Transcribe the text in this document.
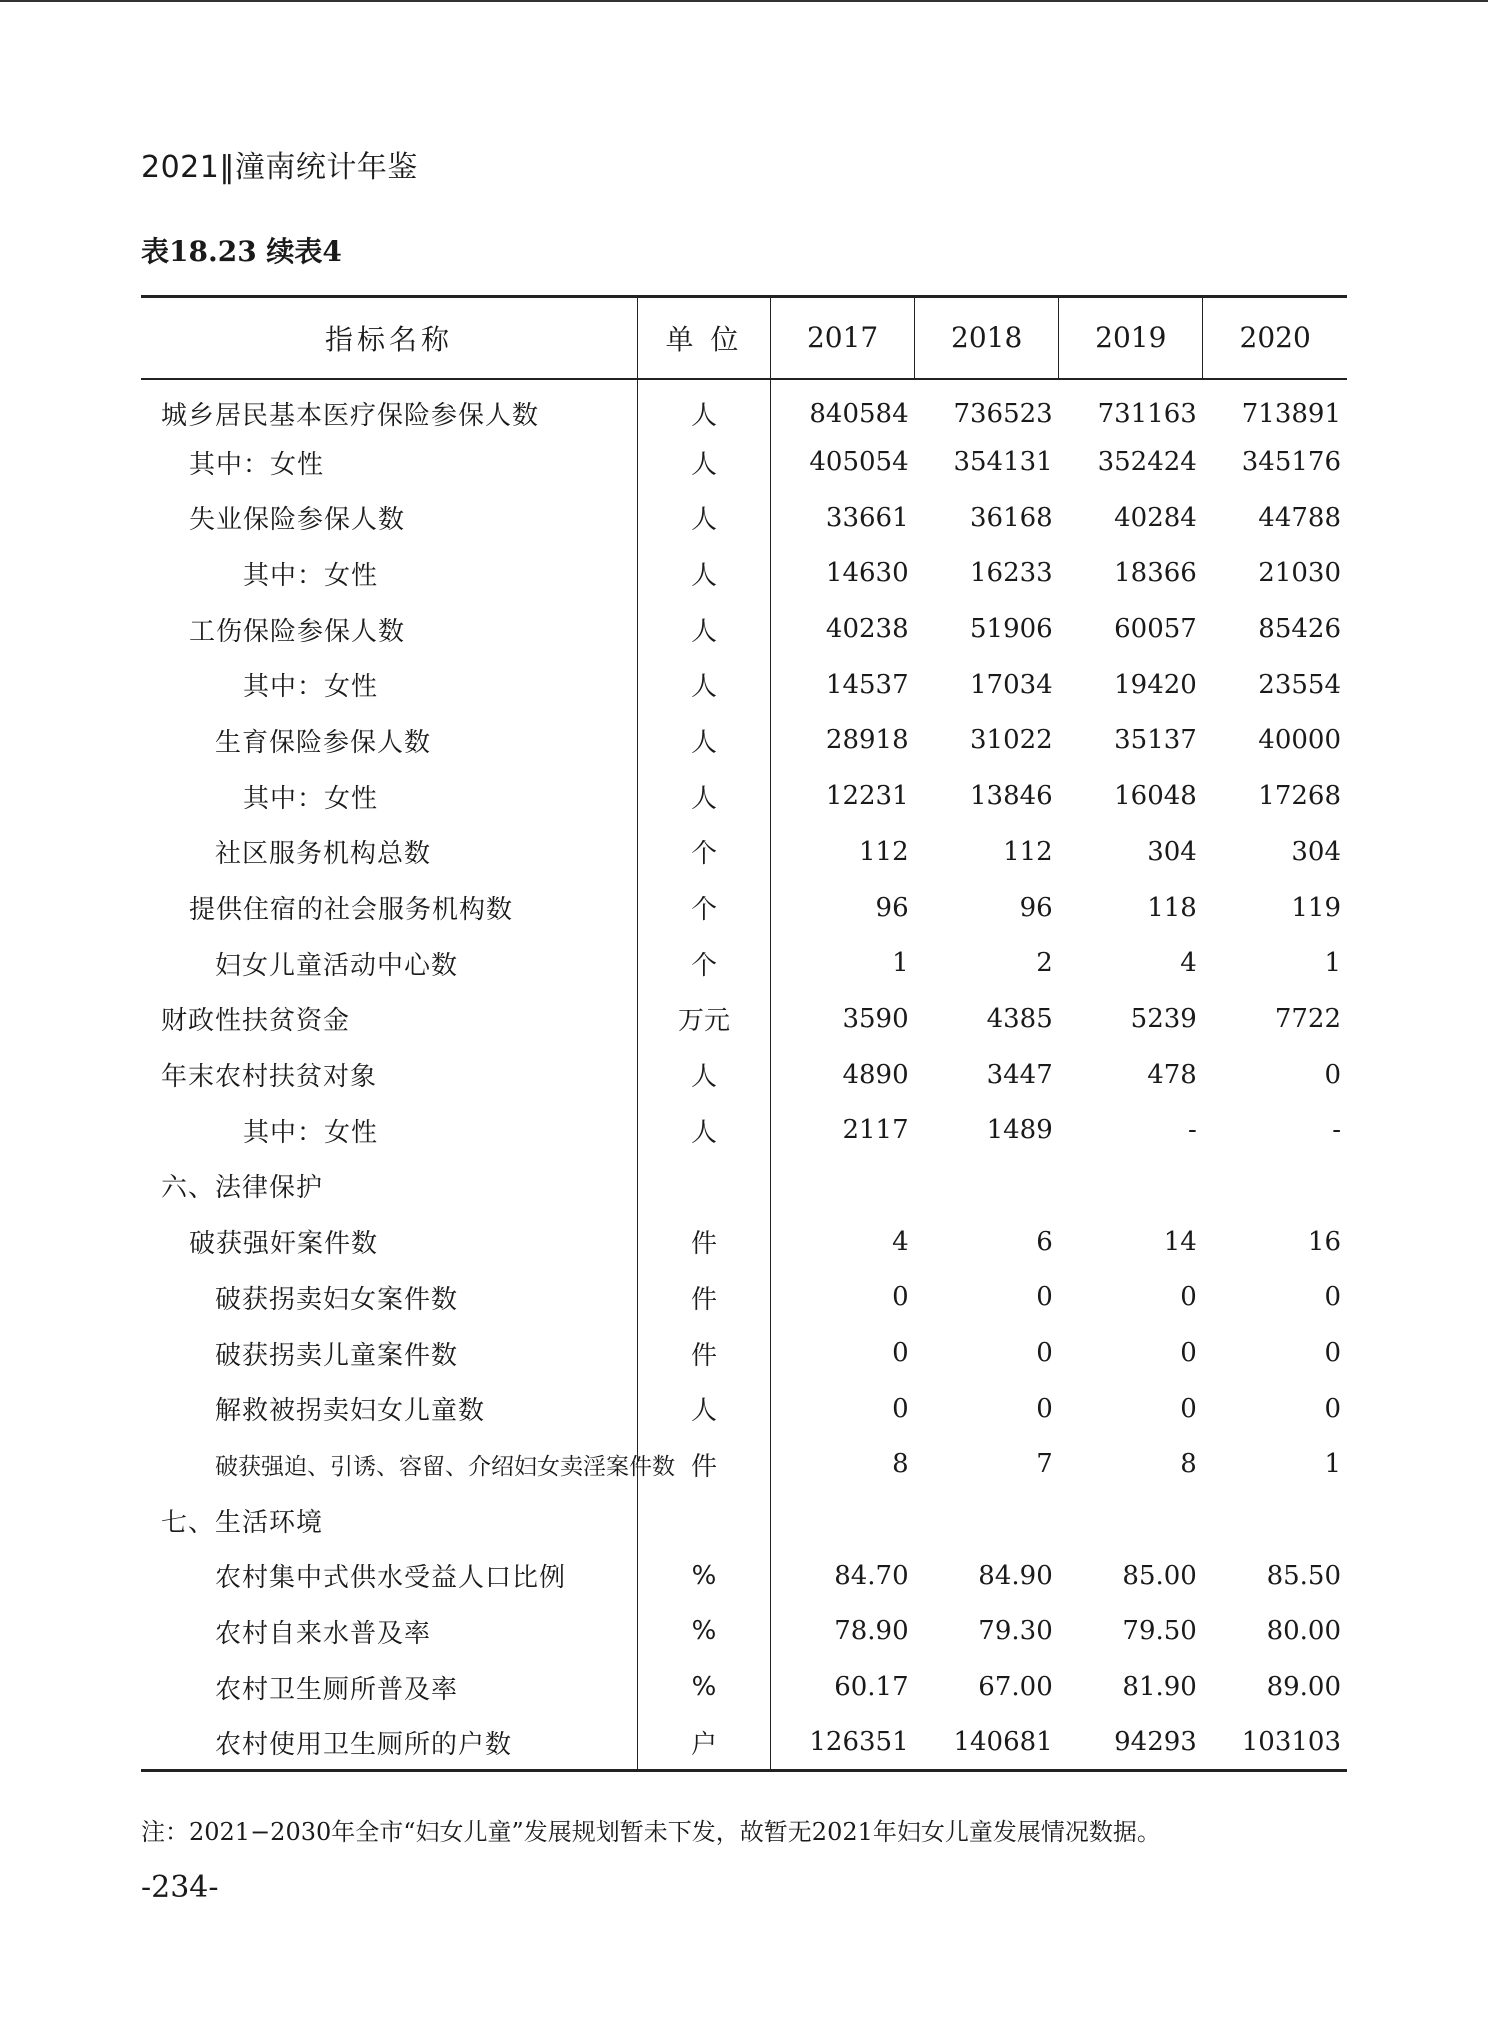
2021‖潼南统计年鉴
表18.23 续表4
指标名称	单 位	2017	2018	2019	2020
城乡居民基本医疗保险参保人数	人	840584	736523	731163	713891
其中：女性	人	405054	354131	352424	345176
失业保险参保人数	人	33661	36168	40284	44788
其中：女性	人	14630	16233	18366	21030
工伤保险参保人数	人	40238	51906	60057	85426
其中：女性	人	14537	17034	19420	23554
生育保险参保人数	人	28918	31022	35137	40000
其中：女性	人	12231	13846	16048	17268
社区服务机构总数	个	112	112	304	304
提供住宿的社会服务机构数	个	96	96	118	119
妇女儿童活动中心数	个	1	2	4	1
财政性扶贫资金	万元	3590	4385	5239	7722
年末农村扶贫对象	人	4890	3447	478	0
其中：女性	人	2117	1489	-	-
六、法律保护					
破获强奸案件数	件	4	6	14	16
破获拐卖妇女案件数	件	0	0	0	0
破获拐卖儿童案件数	件	0	0	0	0
解救被拐卖妇女儿童数	人	0	0	0	0
破获强迫、引诱、容留、介绍妇女卖淫案件数	件	8	7	8	1
七、生活环境					
农村集中式供水受益人口比例	%	84.70	84.90	85.00	85.50
农村自来水普及率	%	78.90	79.30	79.50	80.00
农村卫生厕所普及率	%	60.17	67.00	81.90	89.00
农村使用卫生厕所的户数	户	126351	140681	94293	103103
注：2021−2030年全市“妇女儿童”发展规划暂未下发，故暂无2021年妇女儿童发展情况数据。
-234-
